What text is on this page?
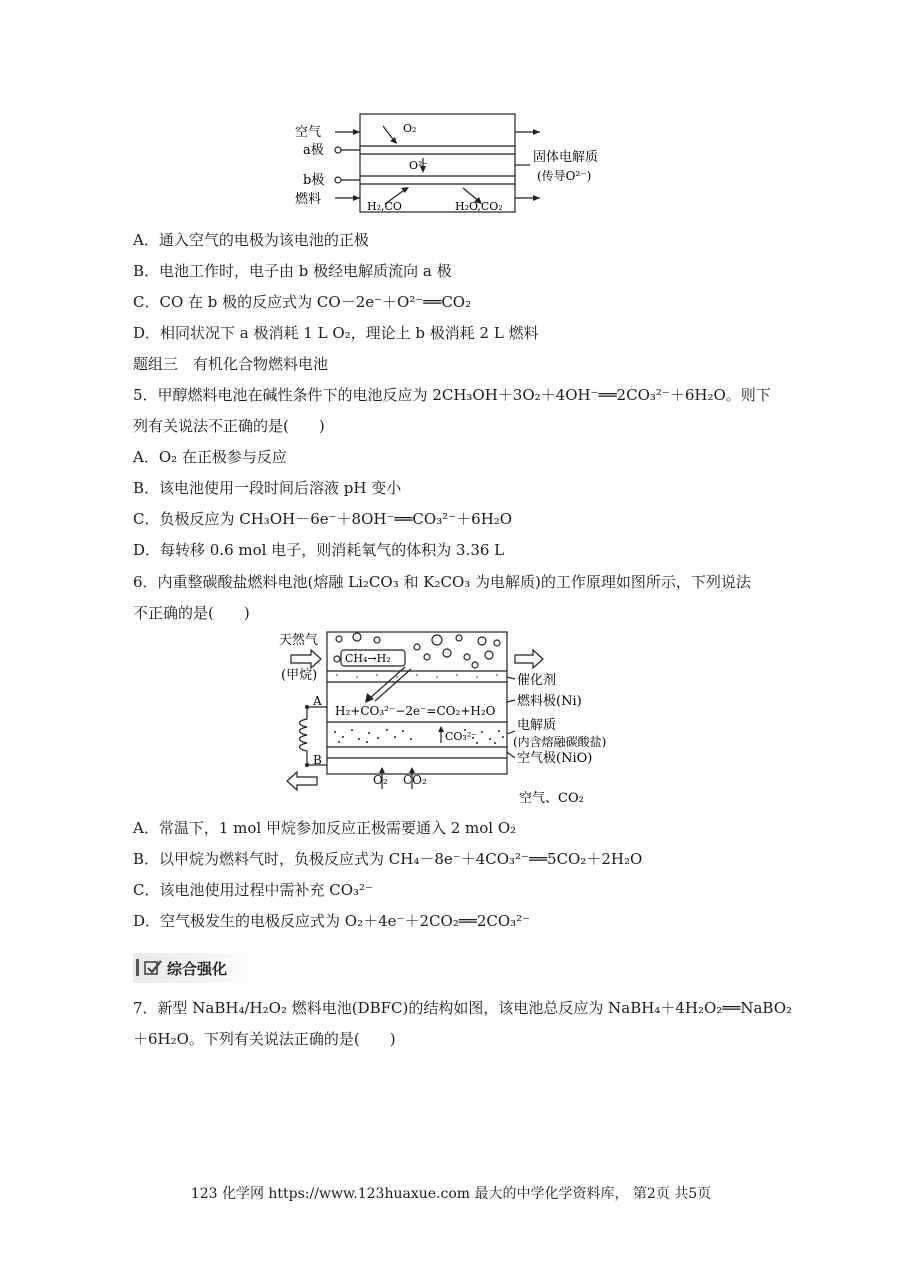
空气
a极
b极
燃料
O₂
O²⁻
H₂,CO	H₂O,CO₂
固体电解质
(传导O²⁻)
A．通入空气的电极为该电池的正极
B．电池工作时，电子由 b 极经电解质流向 a 极
C．CO 在 b 极的反应式为 CO－2e⁻＋O²⁻══CO₂
D．相同状况下 a 极消耗 1 L O₂，理论上 b 极消耗 2 L 燃料
题组三　有机化合物燃料电池
5．甲醇燃料电池在碱性条件下的电池反应为 2CH₃OH＋3O₂＋4OH⁻══2CO₃²⁻＋6H₂O。则下
列有关说法不正确的是(　　)
A．O₂ 在正极参与反应
B．该电池使用一段时间后溶液 pH 变小
C．负极反应为 CH₃OH－6e⁻＋8OH⁻══CO₃²⁻＋6H₂O
D．每转移 0.6 mol 电子，则消耗氧气的体积为 3.36 L
6．内重整碳酸盐燃料电池(熔融 Li₂CO₃ 和 K₂CO₃ 为电解质)的工作原理如图所示，下列说法
不正确的是(　　)
天然气
(甲烷)
CH₄→H₂
催化剂
燃料极(Ni)
H₂+CO₃²⁻−2e⁻=CO₂+H₂O
电解质
(内含熔融碳酸盐)
CO₃²⁻
空气极(NiO)
O₂ CO₂
空气、CO₂
A
B
A．常温下，1 mol 甲烷参加反应正极需要通入 2 mol O₂
B．以甲烷为燃料气时，负极反应式为 CH₄－8e⁻＋4CO₃²⁻══5CO₂＋2H₂O
C．该电池使用过程中需补充 CO₃²⁻
D．空气极发生的电极反应式为 O₂＋4e⁻＋2CO₂══2CO₃²⁻
综合强化
7．新型 NaBH₄/H₂O₂ 燃料电池(DBFC)的结构如图，该电池总反应为 NaBH₄＋4H₂O₂══NaBO₂
＋6H₂O。下列有关说法正确的是(　　)
123 化学网 https://www.123huaxue.com 最大的中学化学资料库， 第2页 共5页
